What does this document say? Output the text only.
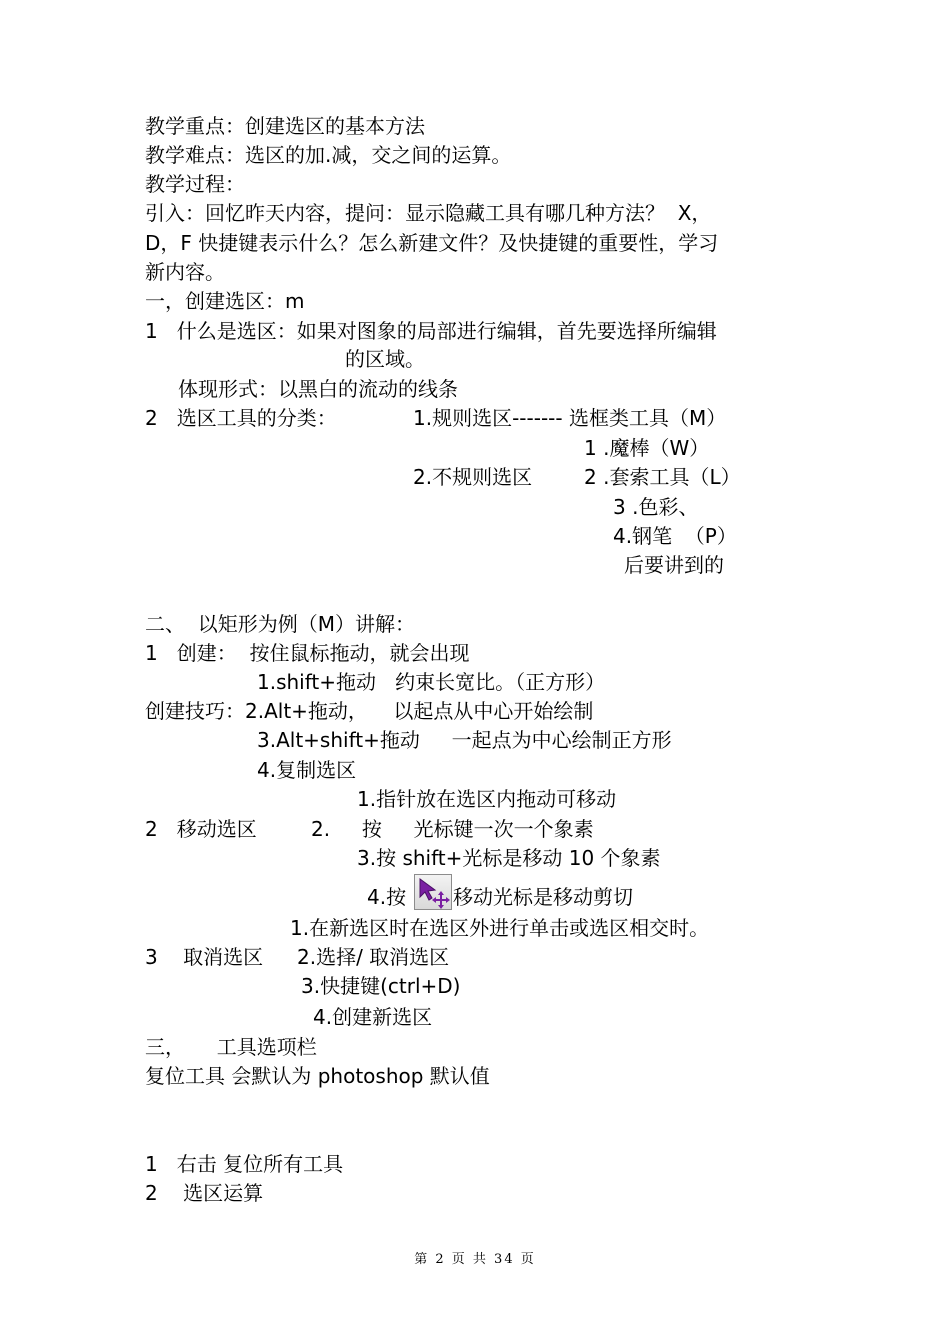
教学重点：创建选区的基本方法
教学难点：选区的加.减，交之间的运算。
教学过程：
引入：回忆昨天内容，提问：显示隐藏工具有哪几种方法？  X，
D，F 快捷键表示什么？怎么新建文件？及快捷键的重要性，学习
新内容。
一，创建选区：m
1   什么是选区：如果对图象的局部进行编辑，首先要选择所编辑
的区域。
体现形式：以黑白的流动的线条
2   选区工具的分类：	1.规则选区------- 选框类工具（M）
1 .魔棒（W）
2.不规则选区	2 .套索工具（L）
3 .色彩、
4.钢笔  （P）
后要讲到的
二、  以矩形为例（M）讲解：
1   创建：  按住鼠标拖动，就会出现
1.shift+拖动   约束长宽比。（正方形）
创建技巧：2.Alt+拖动，    以起点从中心开始绘制
3.Alt+shift+拖动     一起点为中心绘制正方形
4.复制选区
1.指针放在选区内拖动可移动
2   移动选区	2.     按     光标键一次一个象素
3.按 shift+光标是移动 10 个象素
4.按 移动光标是移动剪切
1.在新选区时在选区外进行单击或选区相交时。
3    取消选区 2.选择/ 取消选区
3.快捷键(ctrl+D)
4.创建新选区
三，     工具选项栏
复位工具 会默认为 photoshop 默认值
1   右击 复位所有工具
2    选区运算
第 2 页 共 34 页
